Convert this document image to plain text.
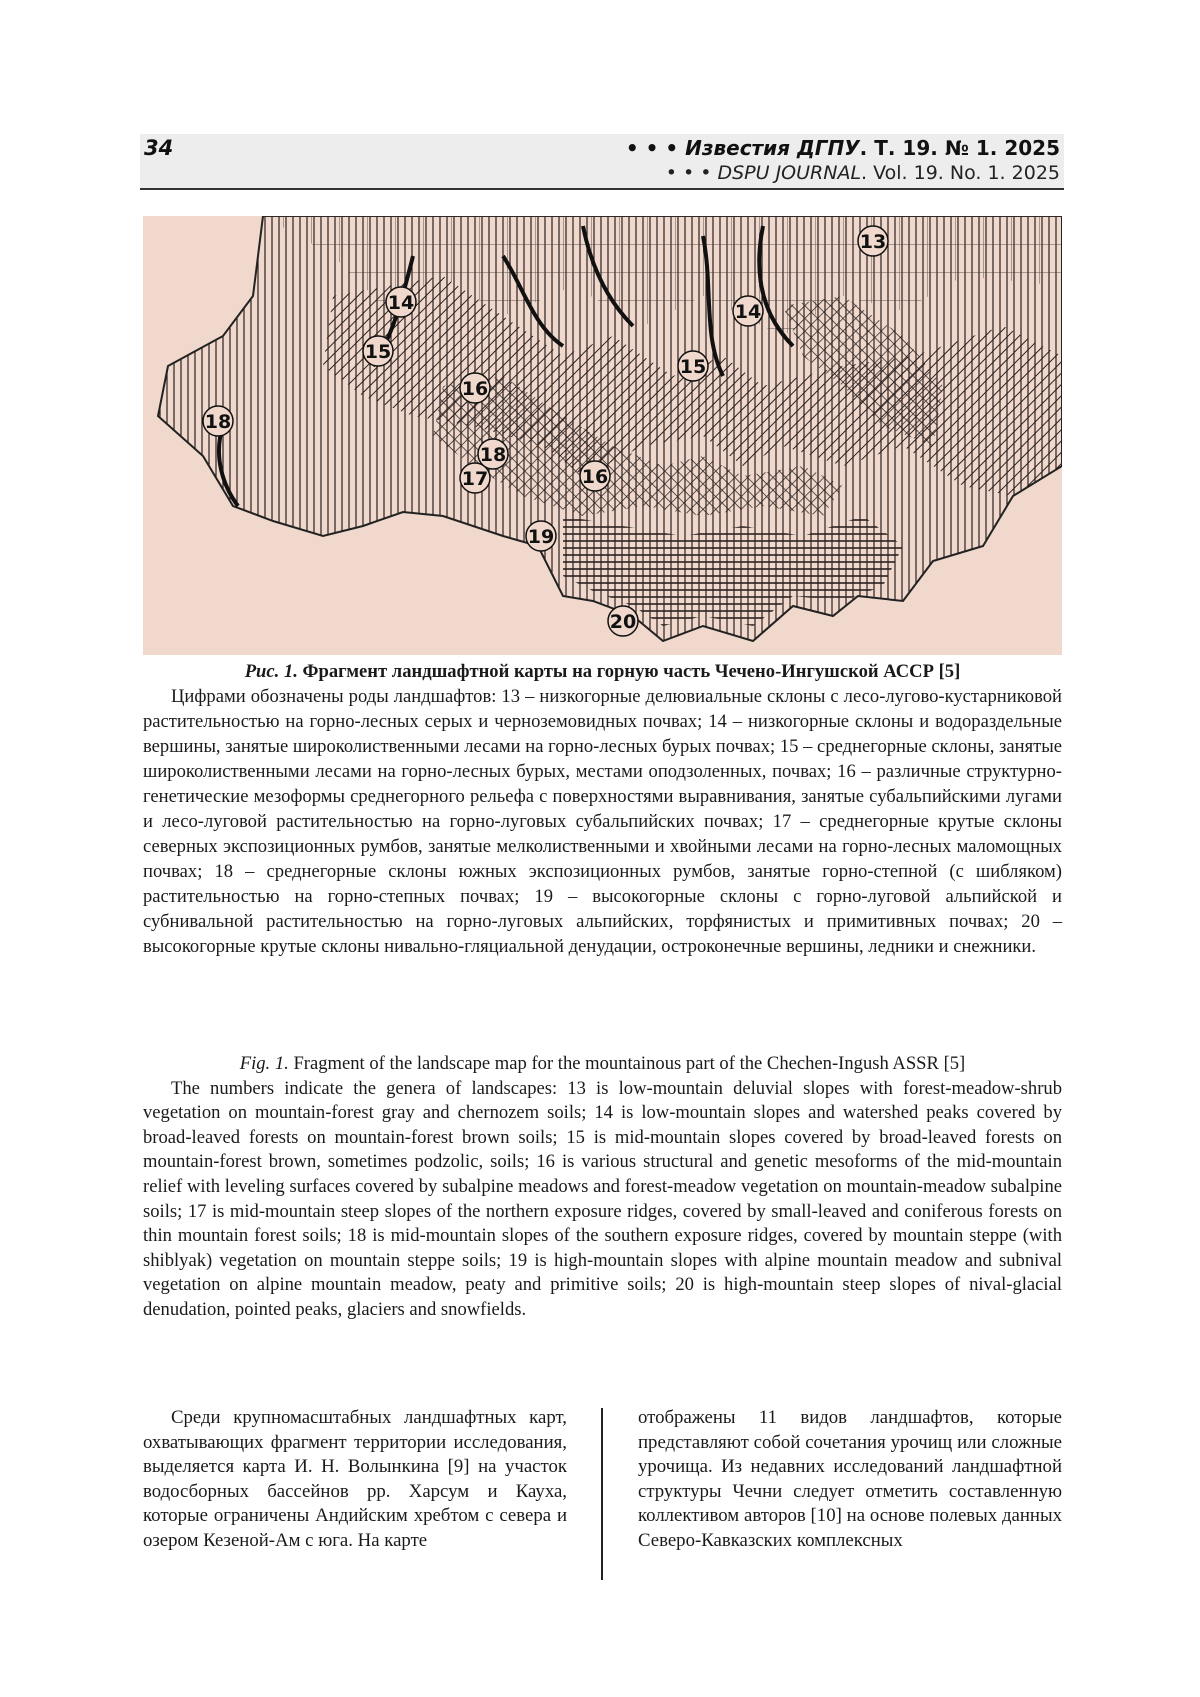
34	• • • Известия ДГПУ. Т. 19. № 1. 2025
• • • DSPU JOURNAL. Vol. 19. No. 1. 2025
13
14	14
15
15
16
16
17
18
18
19
20

Рис. 1. Фрагмент ландшафтной карты на горную часть Чечено-Ингушской АССР [5]

Цифрами обозначены роды ландшафтов: 13 – низкогорные делювиальные склоны с лесо-лугово-кустарниковой растительностью на горно-лесных серых и черноземовидных почвах; 14 – низкогорные склоны и водораздельные вершины, занятые широколиственными лесами на горно-лесных бурых почвах; 15 – среднегорные склоны, занятые широколиственными лесами на горно-лесных бурых, местами оподзоленных, почвах; 16 – различные структурно-генетические мезоформы среднегорного рельефа с поверхностями выравнивания, занятые субальпийскими лугами и лесо-луговой растительностью на горно-луговых субальпийских почвах; 17 – среднегорные крутые склоны северных экспозиционных румбов, занятые мелколиственными и хвойными лесами на горно-лесных маломощных почвах; 18 – среднегорные склоны южных экспозиционных румбов, занятые горно-степной (с шибляком) растительностью на горно-степных почвах; 19 – высокогорные склоны с горно-луговой альпийской и субнивальной растительностью на горно-луговых альпийских, торфянистых и примитивных почвах; 20 – высокогорные крутые склоны нивально-гляциальной денудации, остроконечные вершины, ледники и снежники.

Fig. 1. Fragment of the landscape map for the mountainous part of the Chechen-Ingush ASSR [5]

The numbers indicate the genera of landscapes: 13 is low-mountain deluvial slopes with forest-meadow-shrub vegetation on mountain-forest gray and chernozem soils; 14 is low-mountain slopes and watershed peaks covered by broad-leaved forests on mountain-forest brown soils; 15 is mid-mountain slopes covered by broad-leaved forests on mountain-forest brown, sometimes podzolic, soils; 16 is various structural and genetic mesoforms of the mid-mountain relief with leveling surfaces covered by subalpine meadows and forest-meadow vegetation on mountain-meadow subalpine soils; 17 is mid-mountain steep slopes of the northern exposure ridges, covered by small-leaved and coniferous forests on thin mountain forest soils; 18 is mid-mountain slopes of the southern exposure ridges, covered by mountain steppe (with shiblyak) vegetation on mountain steppe soils; 19 is high-mountain slopes with alpine mountain meadow and subnival vegetation on alpine mountain meadow, peaty and primitive soils; 20 is high-mountain steep slopes of nival-glacial denudation, pointed peaks, glaciers and snowfields.

Среди крупномасштабных ландшафтных карт, охватывающих фрагмент территории исследования, выделяется карта И. Н. Волынкина [9] на участок водосборных бассейнов рр. Харсум и Кауха, которые ограничены Андийским хребтом с севера и озером Кезеной-Ам с юга. На карте

отображены 11 видов ландшафтов, которые представляют собой сочетания урочищ или сложные урочища. Из недавних исследований ландшафтной структуры Чечни следует отметить составленную коллективом авторов [10] на основе полевых данных Северо-Кавказских комплексных
